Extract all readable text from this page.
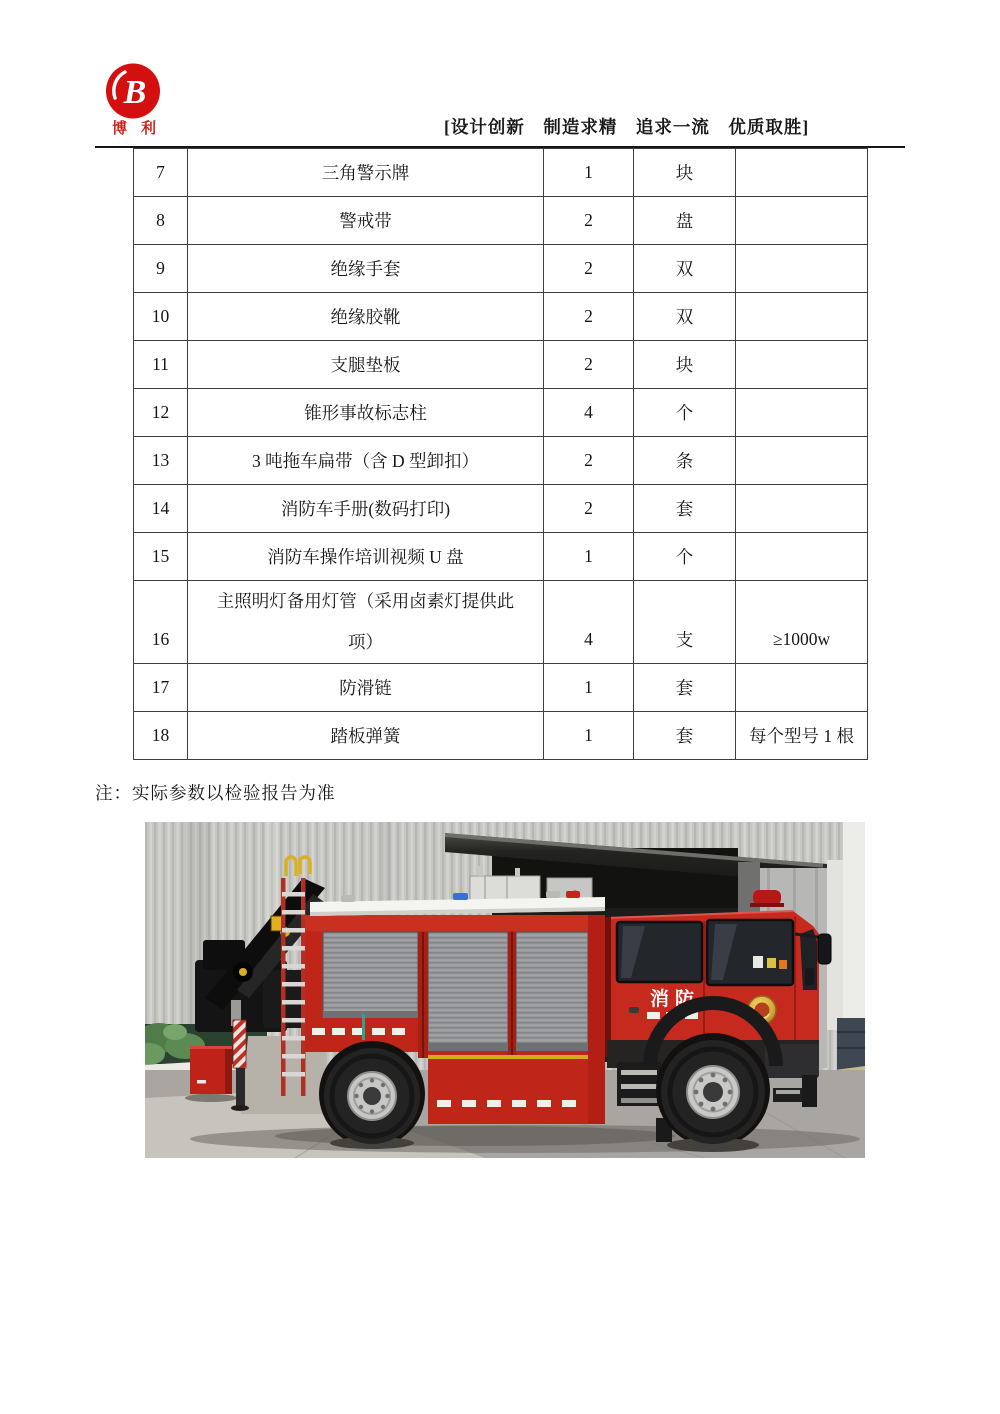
B
博利	[设计创新　制造求精　追求一流　优质取胜]
7	三角警示牌	1	块	
8	警戒带	2	盘	
9	绝缘手套	2	双	
10	绝缘胶靴	2	双	
11	支腿垫板	2	块	
12	锥形事故标志柱	4	个	
13	3 吨拖车扁带（含 D 型卸扣）	2	条	
14	消防车手册(数码打印)	2	套	
15	消防车操作培训视频 U 盘	1	个	
16	主照明灯备用灯管（采用卤素灯提供此项）	4	支	≥1000w
17	防滑链	1	套	
18	踏板弹簧	1	套	每个型号 1 根
注：实际参数以检验报告为准
消防
